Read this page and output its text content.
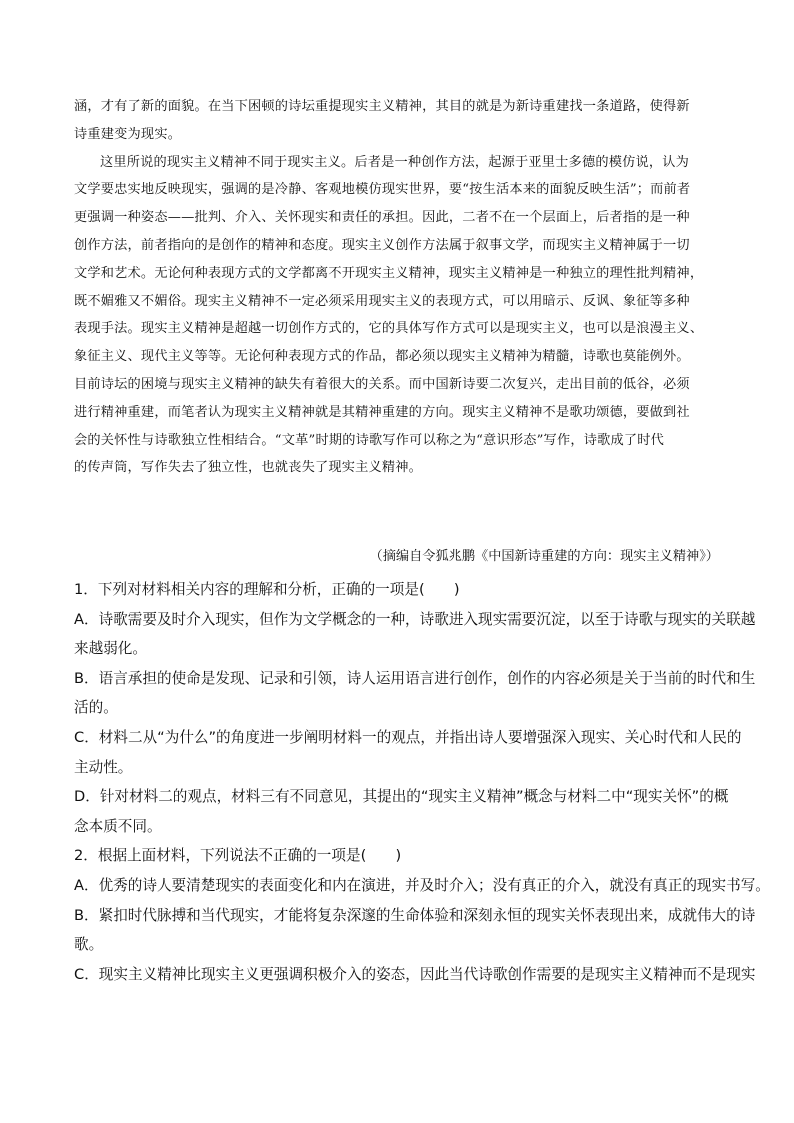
涵，才有了新的面貌。在当下困顿的诗坛重提现实主义精神，其目的就是为新诗重建找一条道路，使得新
诗重建变为现实。
这里所说的现实主义精神不同于现实主义。后者是一种创作方法，起源于亚里士多德的模仿说，认为
文学要忠实地反映现实，强调的是冷静、客观地模仿现实世界，要“按生活本来的面貌反映生活”；而前者
更强调一种姿态——批判、介入、关怀现实和责任的承担。因此，二者不在一个层面上，后者指的是一种
创作方法，前者指向的是创作的精神和态度。现实主义创作方法属于叙事文学，而现实主义精神属于一切
文学和艺术。无论何种表现方式的文学都离不开现实主义精神，现实主义精神是一种独立的理性批判精神，
既不媚雅又不媚俗。现实主义精神不一定必须采用现实主义的表现方式，可以用暗示、反讽、象征等多种
表现手法。现实主义精神是超越一切创作方式的，它的具体写作方式可以是现实主义，也可以是浪漫主义、
象征主义、现代主义等等。无论何种表现方式的作品，都必须以现实主义精神为精髓，诗歌也莫能例外。
目前诗坛的困境与现实主义精神的缺失有着很大的关系。而中国新诗要二次复兴，走出目前的低谷，必须
进行精神重建，而笔者认为现实主义精神就是其精神重建的方向。现实主义精神不是歌功颂德，要做到社
会的关怀性与诗歌独立性相结合。“文革”时期的诗歌写作可以称之为“意识形态”写作，诗歌成了时代
的传声筒，写作失去了独立性，也就丧失了现实主义精神。
（摘编自令狐兆鹏《中国新诗重建的方向：现实主义精神》）
1．下列对材料相关内容的理解和分析，正确的一项是(　　)
A．诗歌需要及时介入现实，但作为文学概念的一种，诗歌进入现实需要沉淀，以至于诗歌与现实的关联越
来越弱化。
B．语言承担的使命是发现、记录和引领，诗人运用语言进行创作，创作的内容必须是关于当前的时代和生
活的。
C．材料二从“为什么”的角度进一步阐明材料一的观点，并指出诗人要增强深入现实、关心时代和人民的
主动性。
D．针对材料二的观点，材料三有不同意见，其提出的“现实主义精神”概念与材料二中“现实关怀”的概
念本质不同。
2．根据上面材料，下列说法不正确的一项是(　　)
A．优秀的诗人要清楚现实的表面变化和内在演进，并及时介入；没有真正的介入，就没有真正的现实书写。
B．紧扣时代脉搏和当代现实，才能将复杂深邃的生命体验和深刻永恒的现实关怀表现出来，成就伟大的诗
歌。
C．现实主义精神比现实主义更强调积极介入的姿态，因此当代诗歌创作需要的是现实主义精神而不是现实
